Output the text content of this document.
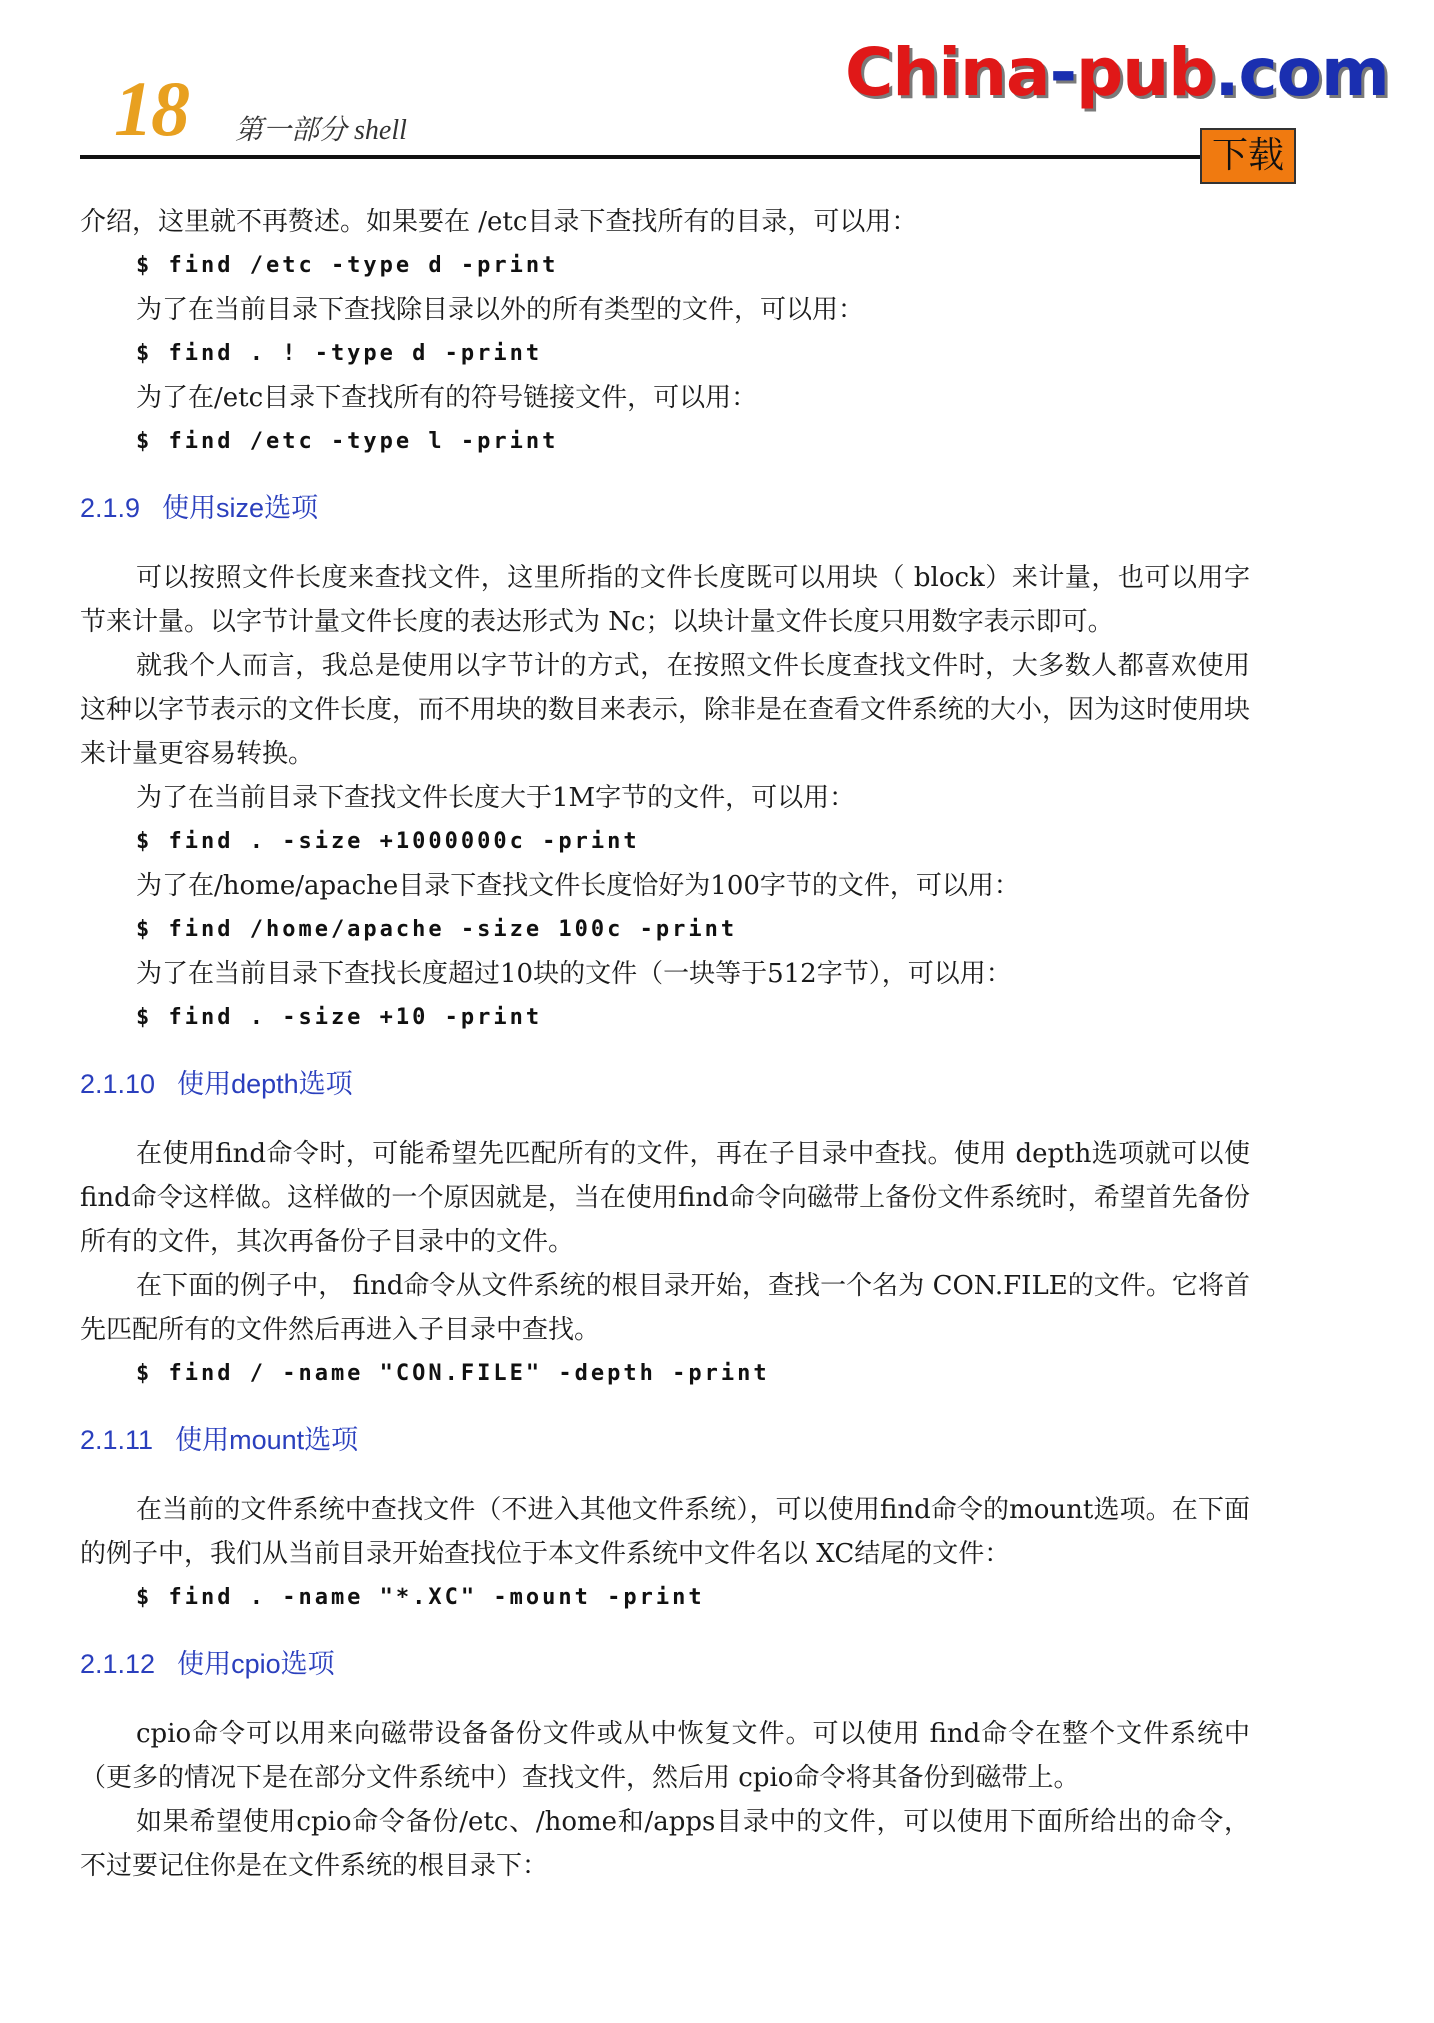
18 第一部分 shell
China-pub.com
下载

介绍，这里就不再赘述。如果要在 /etc目录下查找所有的目录，可以用：

$ find /etc -type d -print

为了在当前目录下查找除目录以外的所有类型的文件，可以用：

$ find . ! -type d -print

为了在/etc目录下查找所有的符号链接文件，可以用：

$ find /etc -type l -print
2.1.9 使用size选项

可以按照文件长度来查找文件，这里所指的文件长度既可以用块（ block）来计量，也可以用字节来计量。以字节计量文件长度的表达形式为 Nc；以块计量文件长度只用数字表示即可。

就我个人而言，我总是使用以字节计的方式，在按照文件长度查找文件时，大多数人都喜欢使用这种以字节表示的文件长度，而不用块的数目来表示，除非是在查看文件系统的大小，因为这时使用块来计量更容易转换。

为了在当前目录下查找文件长度大于1M字节的文件，可以用：

$ find . -size +1000000c -print

为了在/home/apache目录下查找文件长度恰好为100字节的文件，可以用：

$ find /home/apache -size 100c -print

为了在当前目录下查找长度超过10块的文件（一块等于512字节），可以用：

$ find . -size +10 -print
2.1.10 使用depth选项

在使用find命令时，可能希望先匹配所有的文件，再在子目录中查找。使用 depth选项就可以使find命令这样做。这样做的一个原因就是，当在使用find命令向磁带上备份文件系统时，希望首先备份所有的文件，其次再备份子目录中的文件。

在下面的例子中， find命令从文件系统的根目录开始，查找一个名为 CON.FILE的文件。它将首先匹配所有的文件然后再进入子目录中查找。

$ find / -name "CON.FILE" -depth -print
2.1.11 使用mount选项

在当前的文件系统中查找文件（不进入其他文件系统），可以使用find命令的mount选项。在下面的例子中，我们从当前目录开始查找位于本文件系统中文件名以 XC结尾的文件：

$ find . -name "*.XC" -mount -print
2.1.12 使用cpio选项

cpio命令可以用来向磁带设备备份文件或从中恢复文件。可以使用 find命令在整个文件系统中（更多的情况下是在部分文件系统中）查找文件，然后用 cpio命令将其备份到磁带上。

如果希望使用cpio命令备份/etc、/home和/apps目录中的文件，可以使用下面所给出的命令，不过要记住你是在文件系统的根目录下：
